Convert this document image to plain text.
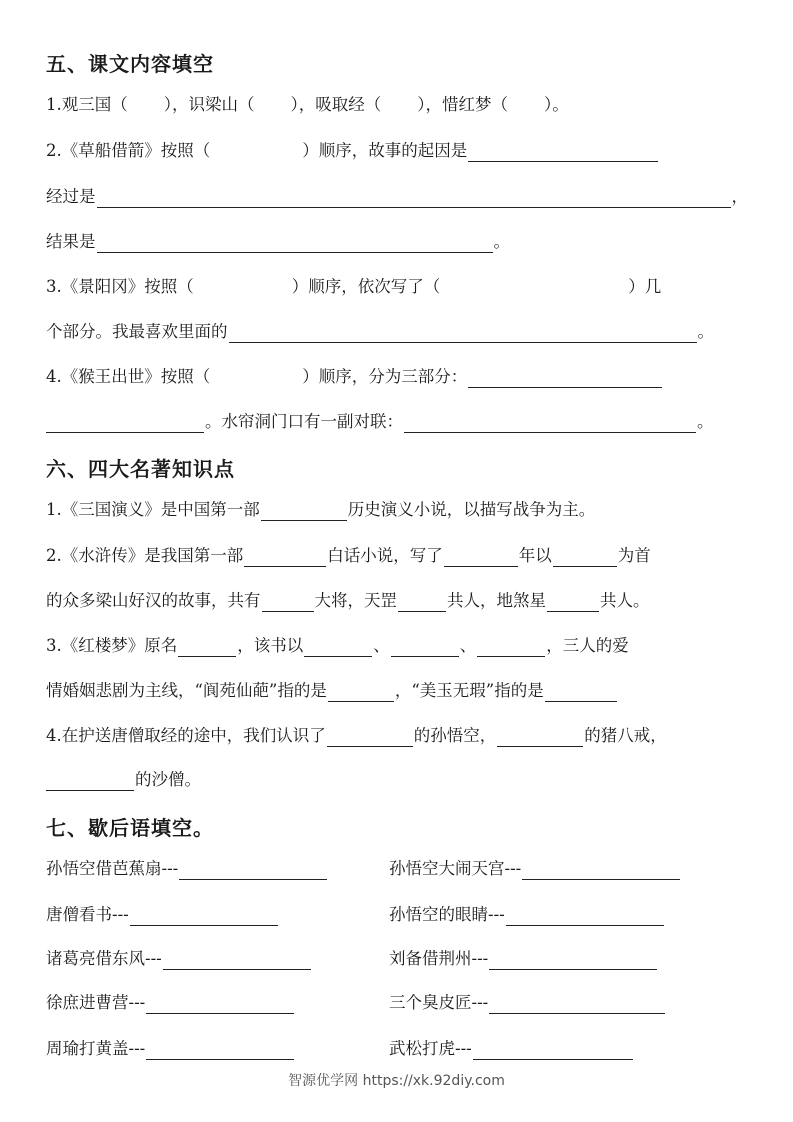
五、课文内容填空
1.观三国（ ），识梁山（ ），吸取经（ ），惜红梦（ ）。
2.《草船借箭》按照（	）顺序，故事的起因是
经过是	，
结果是	。
3.《景阳冈》按照（	）顺序，依次写了（	）几
个部分。我最喜欢里面的	。
4.《猴王出世》按照（	）顺序，分为三部分：
。水帘洞门口有一副对联：	。
六、四大名著知识点
1.《三国演义》是中国第一部	历史演义小说，以描写战争为主。
2.《水浒传》是我国第一部	白话小说，写了	年以	为首
的众多梁山好汉的故事，共有	大将，天罡	共人，地煞星	共人。
3.《红楼梦》原名	，该书以	、	、	，三人的爱
情婚姻悲剧为主线，“阆苑仙葩”指的是	，“美玉无瑕”指的是
4.在护送唐僧取经的途中，我们认识了	的孙悟空，	的猪八戒，
的沙僧。
七、歇后语填空。
孙悟空借芭蕉扇---	孙悟空大闹天宫---
唐僧看书---	孙悟空的眼睛---
诸葛亮借东风---	刘备借荆州---
徐庶进曹营---	三个臭皮匠---
周瑜打黄盖---	武松打虎---
智源优学网 https://xk.92diy.com
